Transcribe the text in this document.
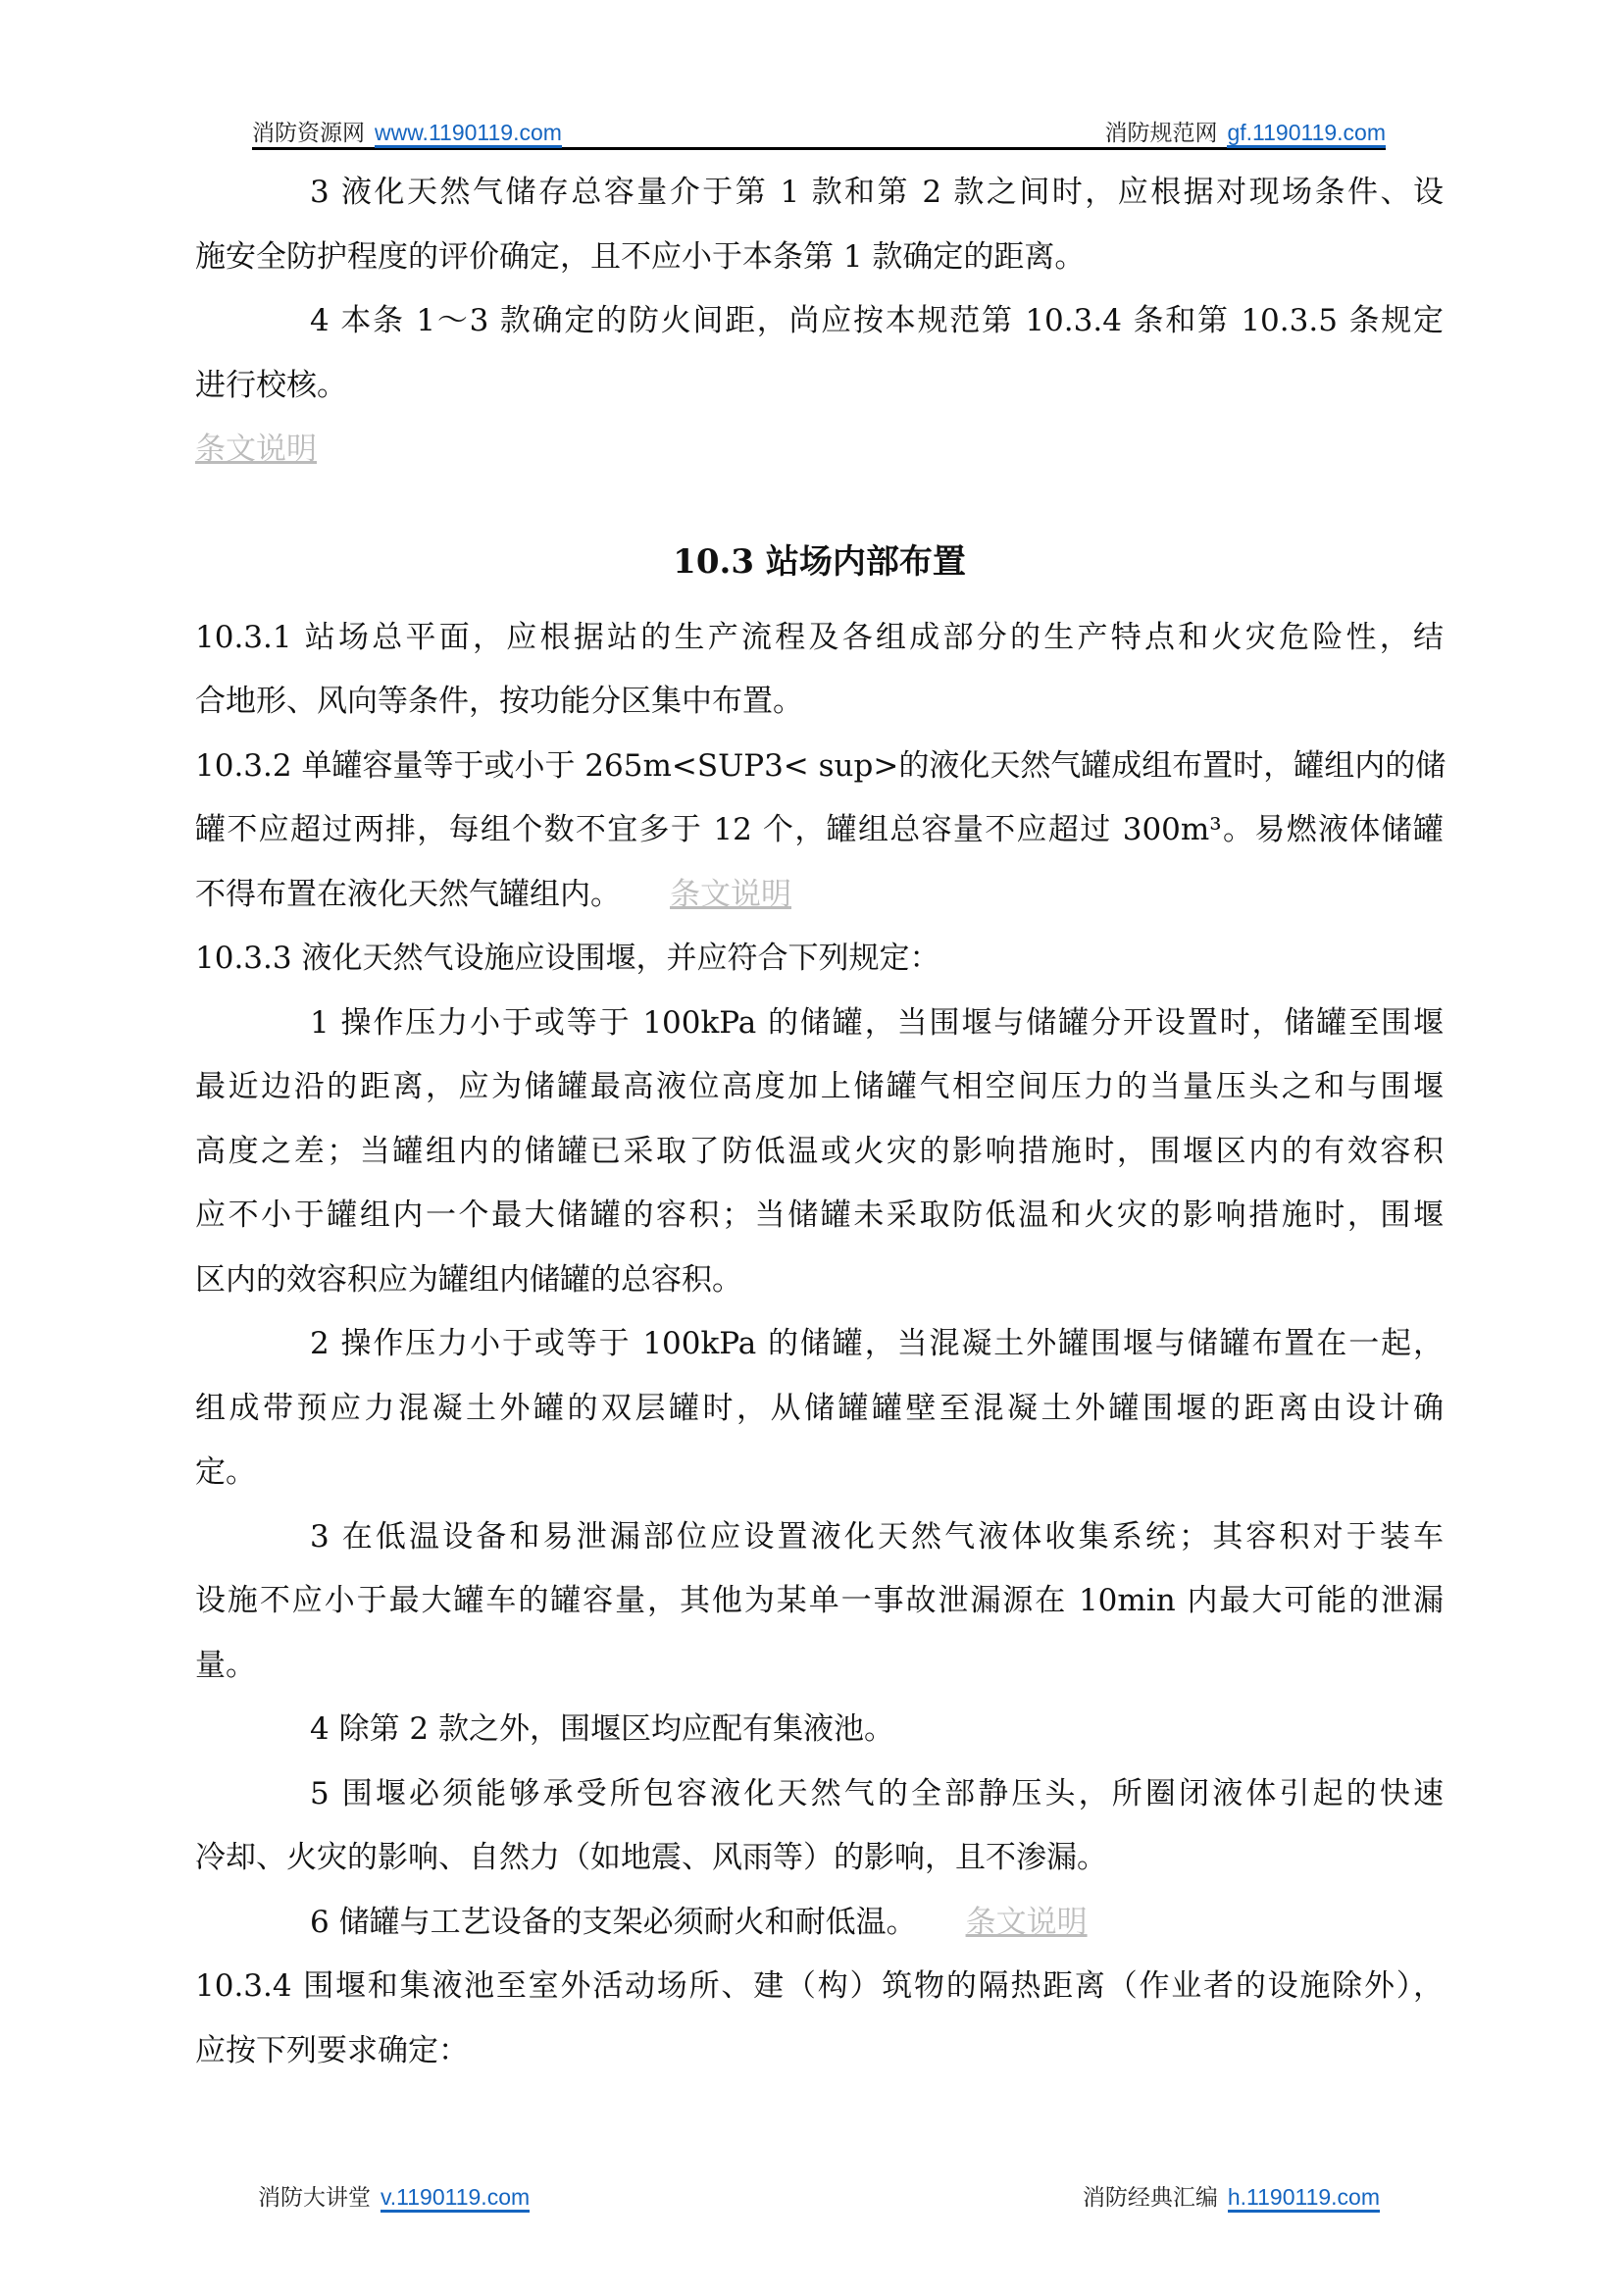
消防资源网 www.1190119.com	消防规范网 gf.1190119.com
3 液化天然气储存总容量介于第 1 款和第 2 款之间时，应根据对现场条件、设
施安全防护程度的评价确定，且不应小于本条第 1 款确定的距离。
4 本条 1～3 款确定的防火间距，尚应按本规范第 10.3.4 条和第 10.3.5 条规定
进行校核。
条文说明
10.3 站场内部布置
10.3.1 站场总平面，应根据站的生产流程及各组成部分的生产特点和火灾危险性，结
合地形、风向等条件，按功能分区集中布置。
10.3.2 单罐容量等于或小于 265m<SUP3< sup>的液化天然气罐成组布置时，罐组内的储
罐不应超过两排，每组个数不宜多于 12 个，罐组总容量不应超过 300m³。易燃液体储罐
不得布置在液化天然气罐组内。 条文说明
10.3.3 液化天然气设施应设围堰，并应符合下列规定：
1 操作压力小于或等于 100kPa 的储罐，当围堰与储罐分开设置时，储罐至围堰
最近边沿的距离，应为储罐最高液位高度加上储罐气相空间压力的当量压头之和与围堰
高度之差；当罐组内的储罐已采取了防低温或火灾的影响措施时，围堰区内的有效容积
应不小于罐组内一个最大储罐的容积；当储罐未采取防低温和火灾的影响措施时，围堰
区内的效容积应为罐组内储罐的总容积。
2 操作压力小于或等于 100kPa 的储罐，当混凝土外罐围堰与储罐布置在一起，
组成带预应力混凝土外罐的双层罐时，从储罐罐壁至混凝土外罐围堰的距离由设计确
定。
3 在低温设备和易泄漏部位应设置液化天然气液体收集系统；其容积对于装车
设施不应小于最大罐车的罐容量，其他为某单一事故泄漏源在 10min 内最大可能的泄漏
量。
4 除第 2 款之外，围堰区均应配有集液池。
5 围堰必须能够承受所包容液化天然气的全部静压头，所圈闭液体引起的快速
冷却、火灾的影响、自然力（如地震、风雨等）的影响，且不渗漏。
6 储罐与工艺设备的支架必须耐火和耐低温。 条文说明
10.3.4 围堰和集液池至室外活动场所、建（构）筑物的隔热距离（作业者的设施除外），
应按下列要求确定：
消防大讲堂 v.1190119.com	消防经典汇编 h.1190119.com
